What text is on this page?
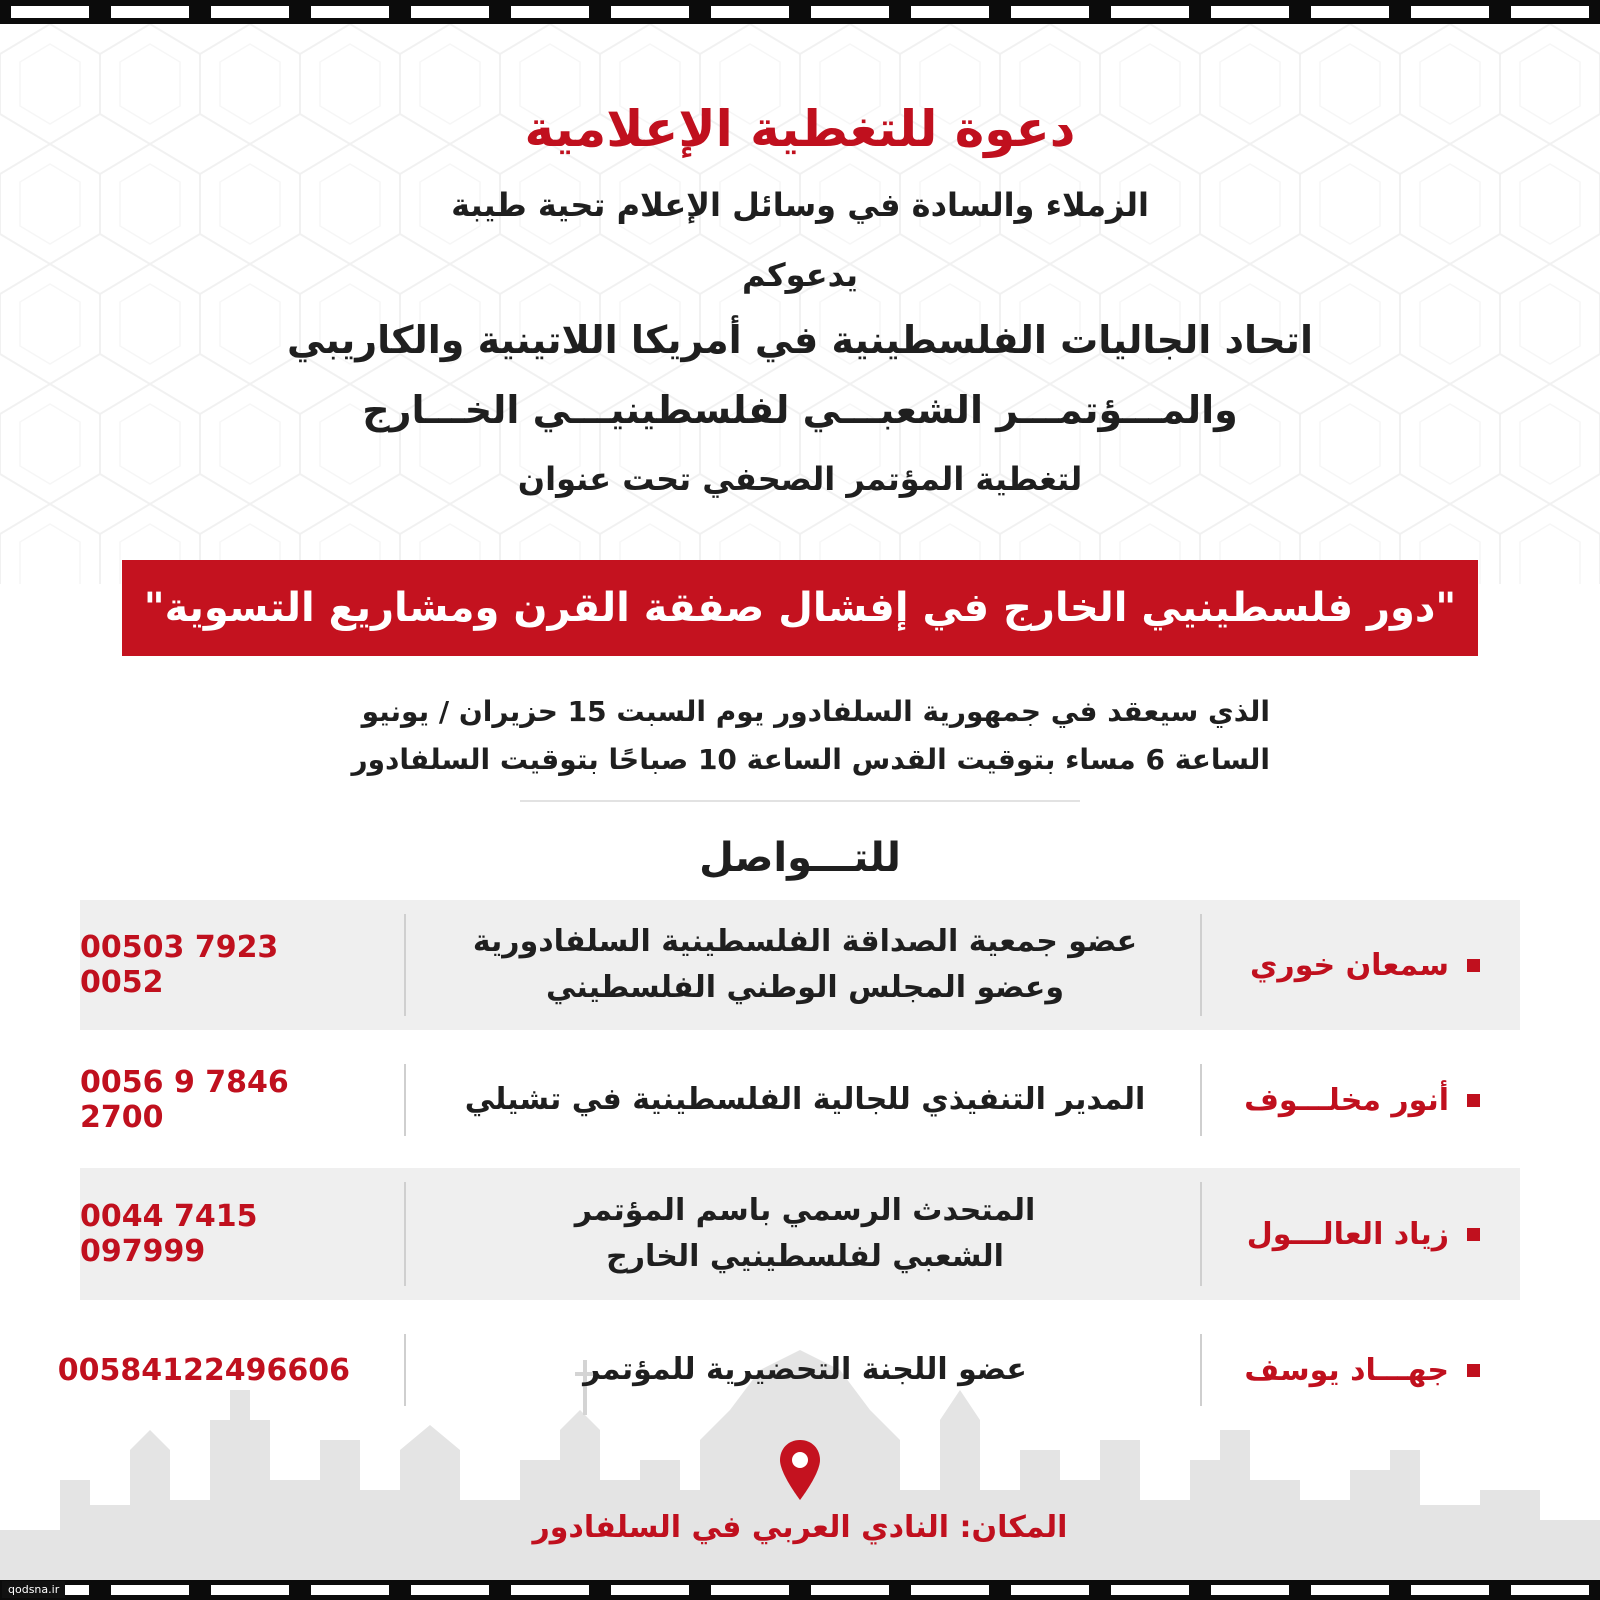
دعوة للتغطية الإعلامية
الزملاء والسادة في وسائل الإعلام تحية طيبة
يدعوكم
اتحاد الجاليات الفلسطينية في أمريكا اللاتينية والكاريبي
والمـــؤتمـــر الشعبـــي لفلسطينيـــي الخـــارج
لتغطية المؤتمر الصحفي تحت عنوان
"دور فلسطينيي الخارج في إفشال صفقة القرن ومشاريع التسوية"
الذي سيعقد في جمهورية السلفادور يوم السبت 15 حزيران / يونيو
الساعة 6 مساء بتوقيت القدس الساعة 10 صباحًا بتوقيت السلفادور
للتـــواصل
سمعان خوري
عضو جمعية الصداقة الفلسطينية السلفادورية
وعضو المجلس الوطني الفلسطيني
00503 7923 0052
أنور مخلـــوف
المدير التنفيذي للجالية الفلسطينية في تشيلي
0056 9 7846 2700
زياد العالـــول
المتحدث الرسمي باسم المؤتمر
الشعبي لفلسطينيي الخارج
0044 7415 097999
جهـــاد يوسف
عضو اللجنة التحضيرية للمؤتمر
00584122496606
المكان: النادي العربي في السلفادور
qodsna.ir
